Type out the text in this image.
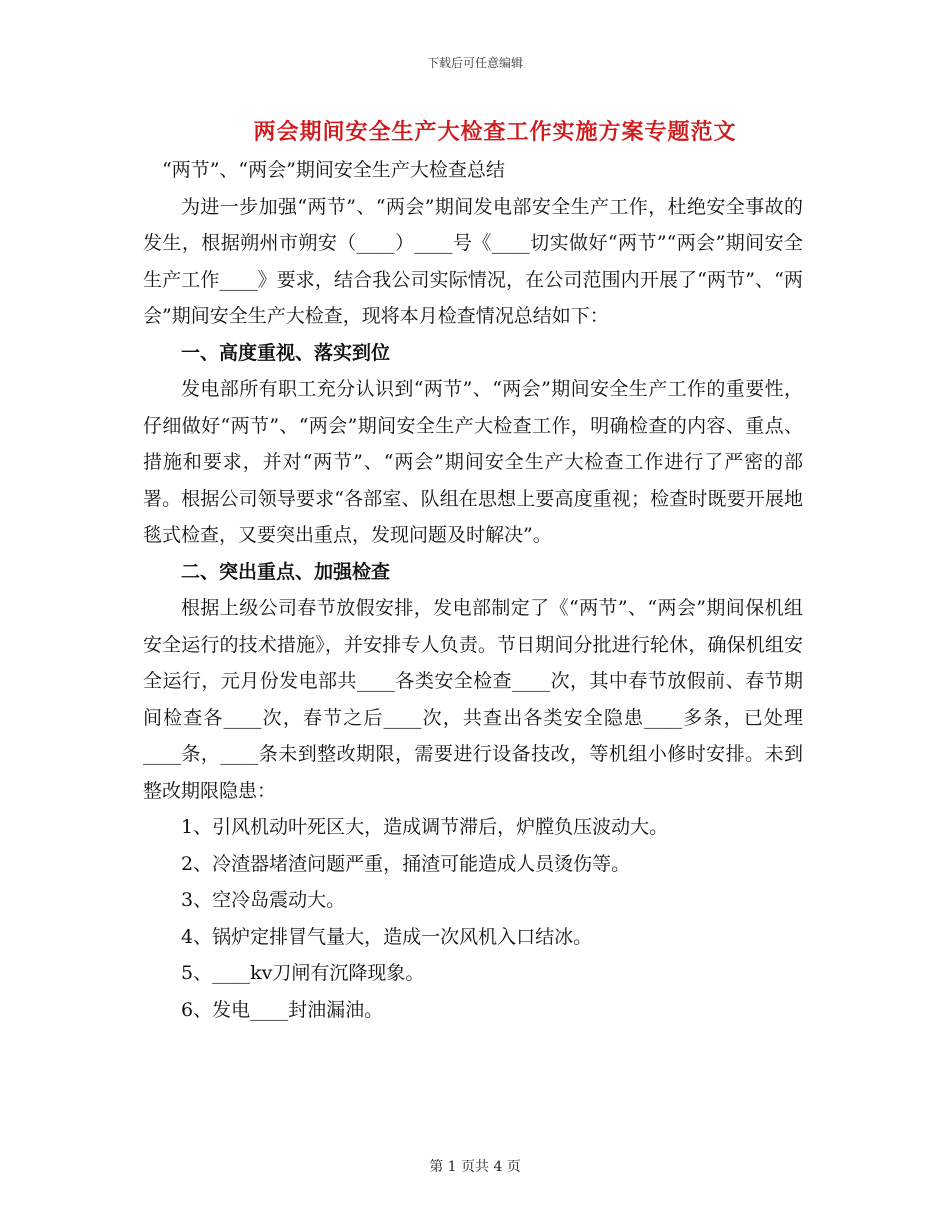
下载后可任意编辑
两会期间安全生产大检查工作实施方案专题范文

“两节”、“两会”期间安全生产大检查总结

为进一步加强“两节”、“两会”期间发电部安全生产工作，杜绝安全事故的发生，根据朔州市朔安（____）____号《____切实做好“两节”“两会”期间安全生产工作____》要求，结合我公司实际情况，在公司范围内开展了“两节”、“两会”期间安全生产大检查，现将本月检查情况总结如下：

一、高度重视、落实到位

发电部所有职工充分认识到“两节”、“两会”期间安全生产工作的重要性，仔细做好“两节”、“两会”期间安全生产大检查工作，明确检查的内容、重点、措施和要求，并对“两节”、“两会”期间安全生产大检查工作进行了严密的部署。根据公司领导要求“各部室、队组在思想上要高度重视；检查时既要开展地毯式检查，又要突出重点，发现问题及时解决”。

二、突出重点、加强检查

根据上级公司春节放假安排，发电部制定了《“两节”、“两会”期间保机组安全运行的技术措施》，并安排专人负责。节日期间分批进行轮休，确保机组安全运行，元月份发电部共____各类安全检查____次，其中春节放假前、春节期间检查各____次，春节之后____次，共查出各类安全隐患____多条，已处理____条，____条未到整改期限，需要进行设备技改，等机组小修时安排。未到整改期限隐患：

1、引风机动叶死区大，造成调节滞后，炉膛负压波动大。

2、冷渣器堵渣问题严重，捅渣可能造成人员烫伤等。

3、空冷岛震动大。

4、锅炉定排冒气量大，造成一次风机入口结冰。

5、____kv刀闸有沉降现象。

6、发电____封油漏油。

第 1 页共 4 页
